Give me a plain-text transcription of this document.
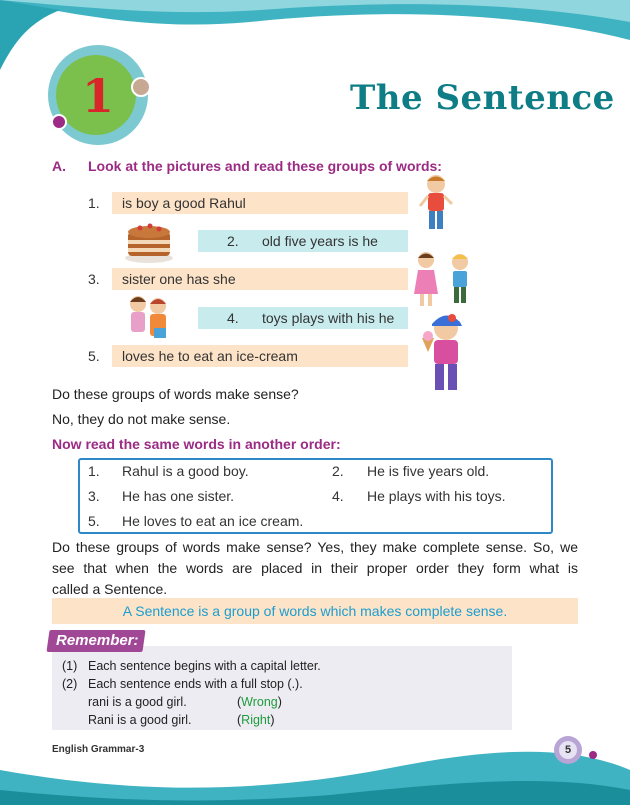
1	The Sentence
A. Look at the pictures and read these groups of words:
1. is boy a good Rahul
2. old five years is he
3. sister one has she
4. toys plays with his he
5. loves he to eat an ice-cream
Do these groups of words make sense?
No, they do not make sense.
Now read the same words in another order:
1. Rahul is a good boy.	2. He is five years old.
3. He has one sister.	4. He plays with his toys.
5. He loves to eat an ice cream.
Do these groups of words make sense? Yes, they make complete sense. So, we
see that when the words are placed in their proper order they form what is
called a Sentence.
A Sentence is a group of words which makes complete sense.
Remember:
(1) Each sentence begins with a capital letter.
(2) Each sentence ends with a full stop (.).
rani is a good girl.	(Wrong)
Rani is a good girl.	(Right)
English Grammar-3	5
